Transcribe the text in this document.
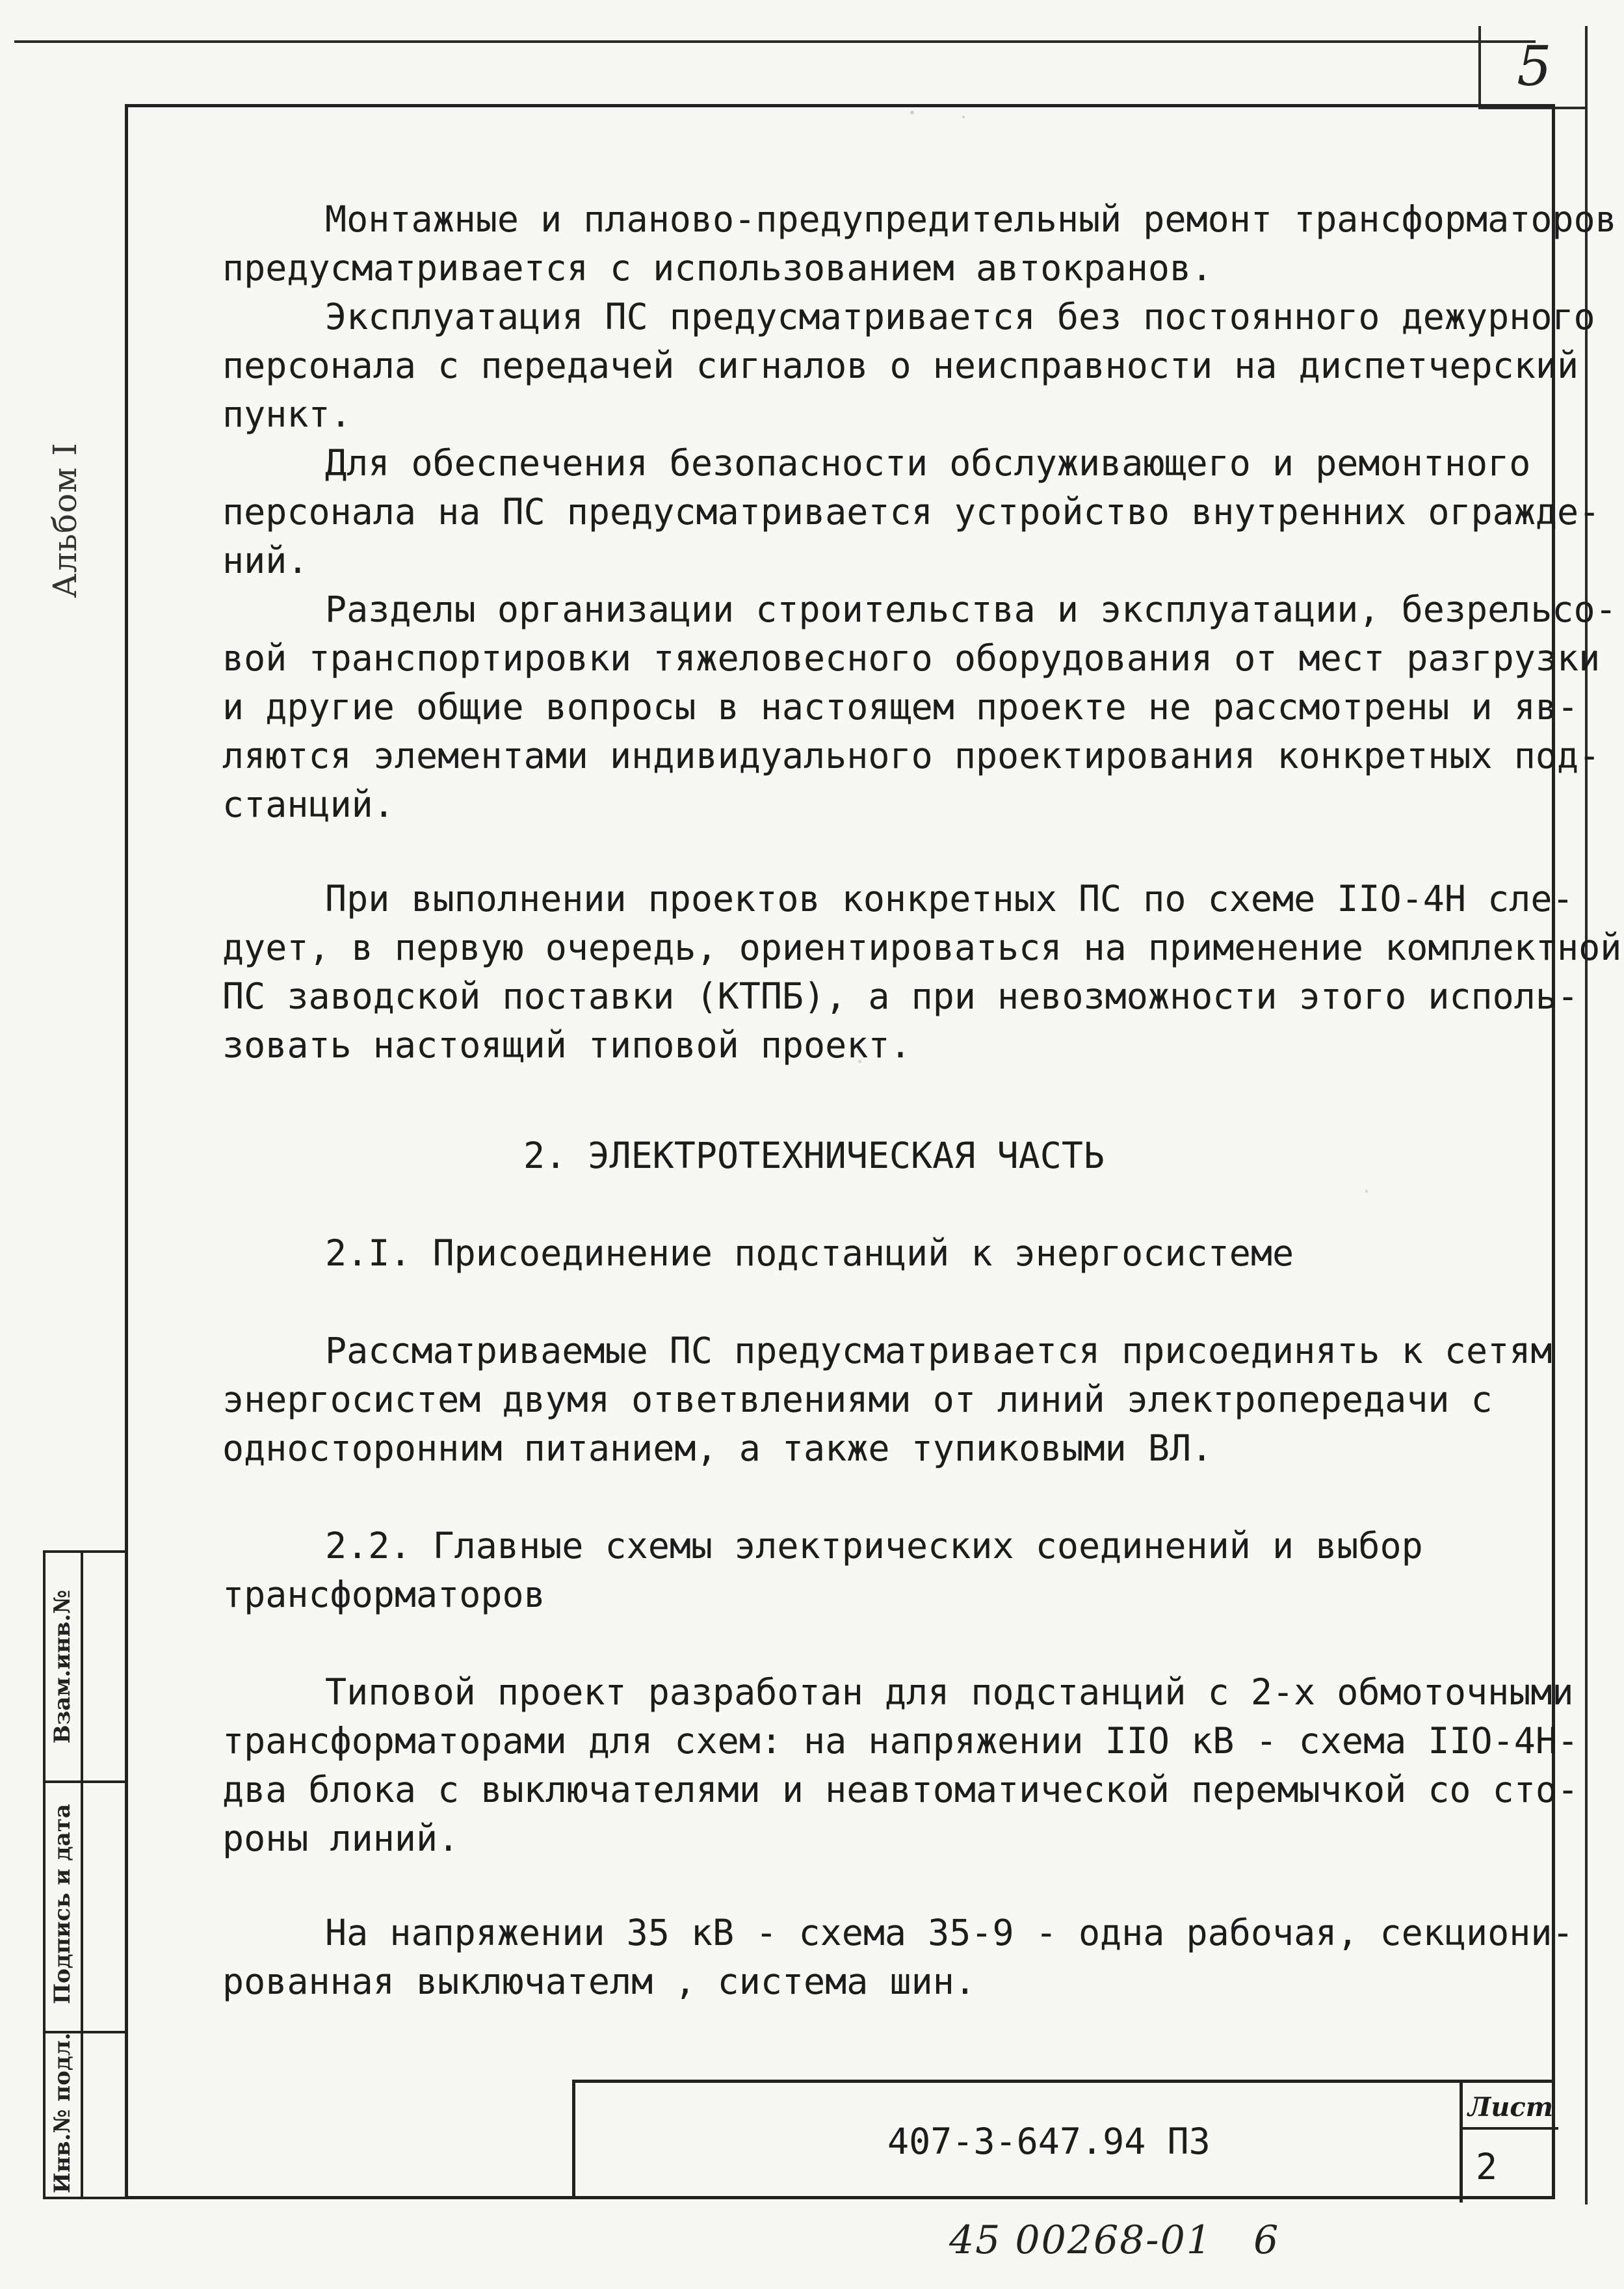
5
Альбом I
Взам.инв.№
Подпись и дата
Инв.№ подл.
Монтажные и планово-предупредительный ремонт трансформаторов
предусматривается с использованием автокранов.
Эксплуатация ПС предусматривается без постоянного дежурного
персонала с передачей сигналов о неисправности на диспетчерский
пункт.
Для обеспечения безопасности обслуживающего и ремонтного
персонала на ПС предусматривается устройство внутренних огражде-
ний.
Разделы организации строительства и эксплуатации, безрельсо-
вой транспортировки тяжеловесного оборудования от мест разгрузки
и другие общие вопросы в настоящем проекте не рассмотрены и яв-
ляются элементами индивидуального проектирования конкретных под-
станций.
При выполнении проектов конкретных ПС по схеме IIO-4Н сле-
дует, в первую очередь, ориентироваться на применение комплектной
ПС заводской поставки (КТПБ), а при невозможности этого исполь-
зовать настоящий типовой проект.
2. ЭЛЕКТРОТЕХНИЧЕСКАЯ ЧАСТЬ
2.I. Присоединение подстанций к энергосистеме
Рассматриваемые ПС предусматривается присоединять к сетям
энергосистем двумя ответвлениями от линий электропередачи с
односторонним питанием, а также тупиковыми ВЛ.
2.2. Главные схемы электрических соединений и выбор
трансформаторов
Типовой проект разработан для подстанций с 2-х обмоточными
трансформаторами для схем: на напряжении IIO кВ - схема IIO-4Н-
два блока с выключателями и неавтоматической перемычкой со сто-
роны линий.
На напряжении 35 кВ - схема 35-9 - одна рабочая, секциони-
рованная выключателм , система шин.
407-3-647.94 ПЗ
Лист
2
45 00268-01   6
